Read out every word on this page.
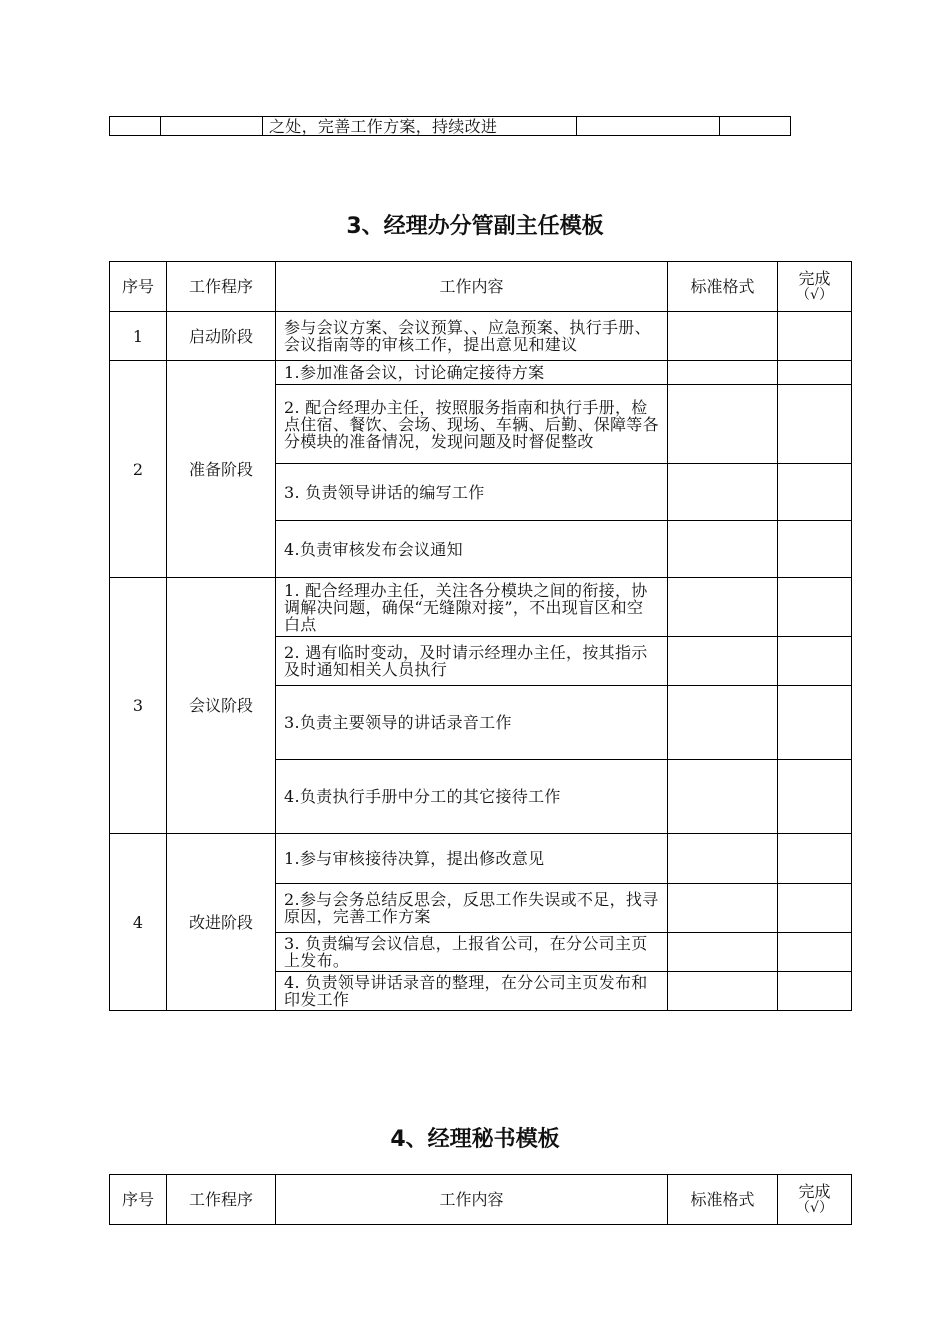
		之处，完善工作方案，持续改进		
3、经理办分管副主任模板
序号	工作程序	工作内容	标准格式	完成
（√）

1	启动阶段	参与会议方案、会议预算、、应急预案、执行手册、会议指南等的审核工作，提出意见和建议		
2	准备阶段	1.参加准备会议，讨论确定接待方案		
		2. 配合经理办主任，按照服务指南和执行手册，检点住宿、餐饮、会场、现场、车辆、后勤、保障等各分模块的准备情况，发现问题及时督促整改		
		3. 负责领导讲话的编写工作		
		4.负责审核发布会议通知		
3	会议阶段	1. 配合经理办主任，关注各分模块之间的衔接，协调解决问题，确保“无缝隙对接”，不出现盲区和空白点		
		2. 遇有临时变动，及时请示经理办主任，按其指示及时通知相关人员执行		
		3.负责主要领导的讲话录音工作		
		4.负责执行手册中分工的其它接待工作		
4	改进阶段	1.参与审核接待决算，提出修改意见		
		2.参与会务总结反思会，反思工作失误或不足，找寻原因，完善工作方案		
		3. 负责编写会议信息，上报省公司，在分公司主页上发布。		
		4. 负责领导讲话录音的整理，在分公司主页发布和印发工作		
4、经理秘书模板
序号	工作程序	工作内容	标准格式	完成
（√）
